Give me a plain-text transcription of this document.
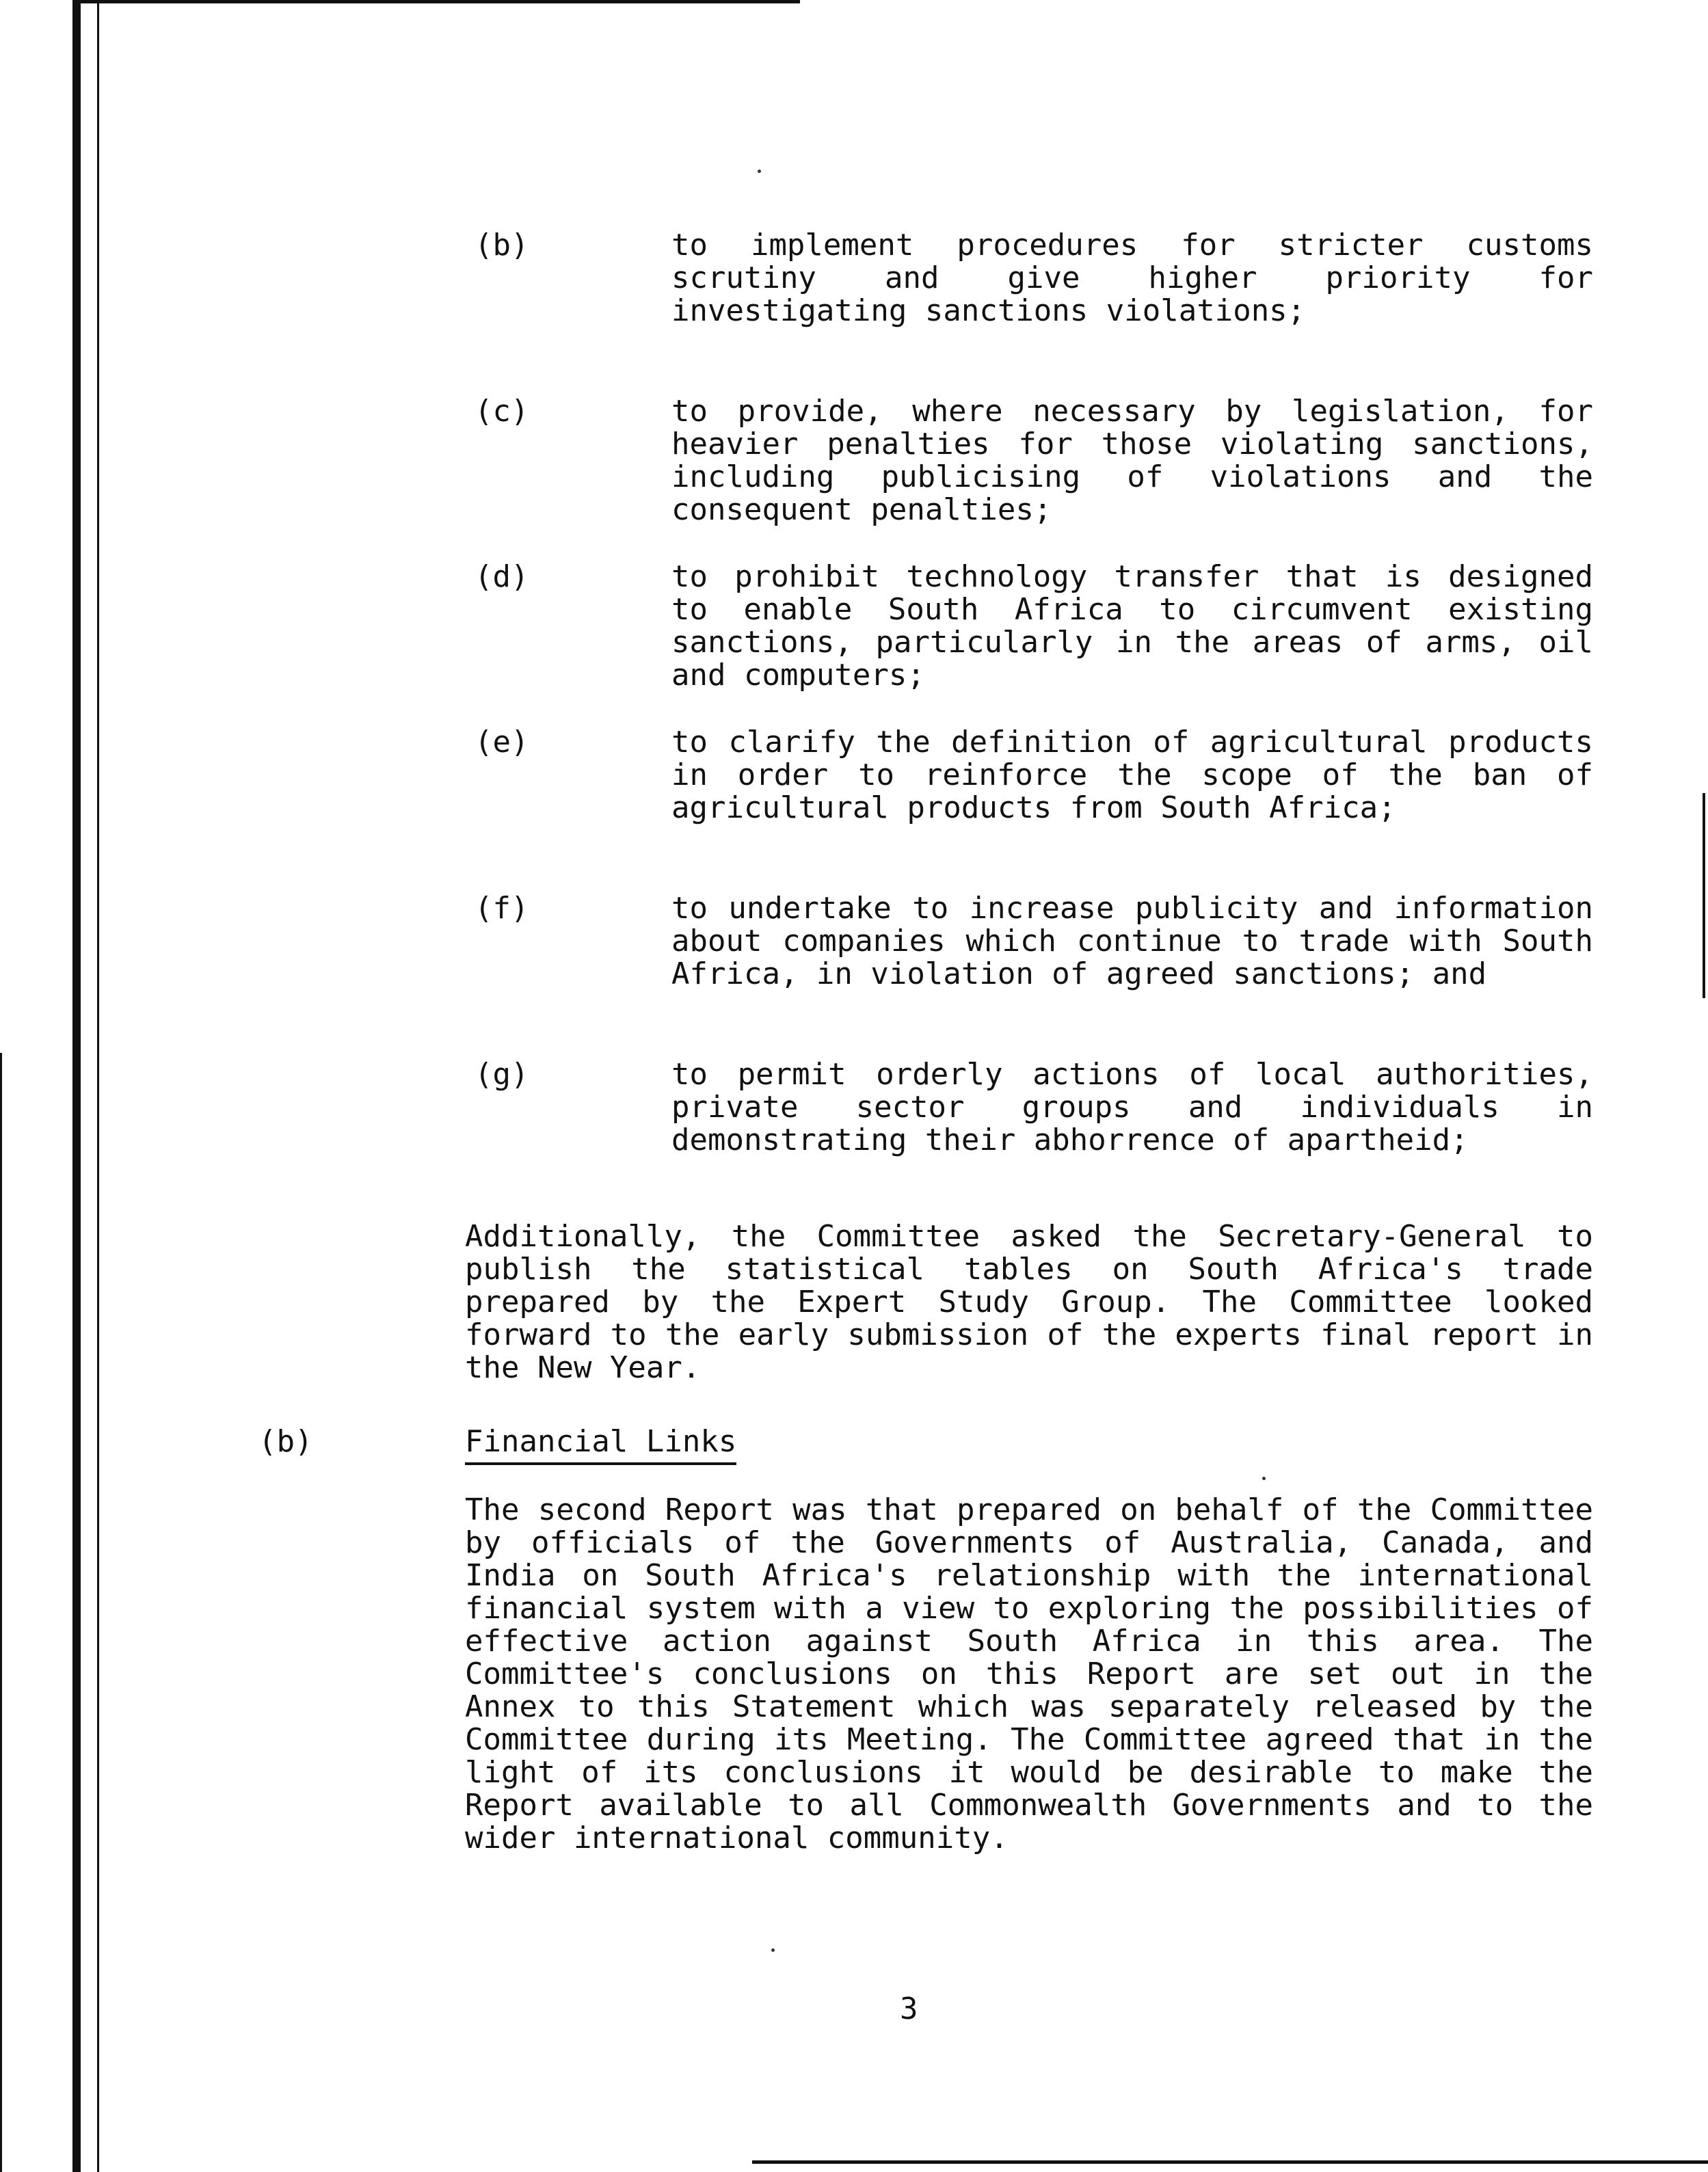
(b)	to implement procedures for stricter customs scrutiny and give higher priority for investigating sanctions violations;
(c)	to provide, where necessary by legislation, for heavier penalties for those violating sanctions, including publicising of violations and the consequent penalties;
(d)	to prohibit technology transfer that is designed to enable South Africa to circumvent existing sanctions, particularly in the areas of arms, oil and computers;
(e)	to clarify the definition of agricultural products in order to reinforce the scope of the ban of agricultural products from South Africa;
(f)	to undertake to increase publicity and information about companies which continue to trade with South Africa, in violation of agreed sanctions; and
(g)	to permit orderly actions of local authorities, private sector groups and individuals in demonstrating their abhorrence of apartheid;

Additionally, the Committee asked the Secretary-General to publish the statistical tables on South Africa's trade prepared by the Expert Study Group. The Committee looked forward to the early submission of the experts final report in the New Year.

(b)	Financial Links

The second Report was that prepared on behalf of the Committee by officials of the Governments of Australia, Canada, and India on South Africa's relationship with the international financial system with a view to exploring the possibilities of effective action against South Africa in this area. The Committee's conclusions on this Report are set out in the Annex to this Statement which was separately released by the Committee during its Meeting. The Committee agreed that in the light of its conclusions it would be desirable to make the Report available to all Commonwealth Governments and to the wider international community.

3
